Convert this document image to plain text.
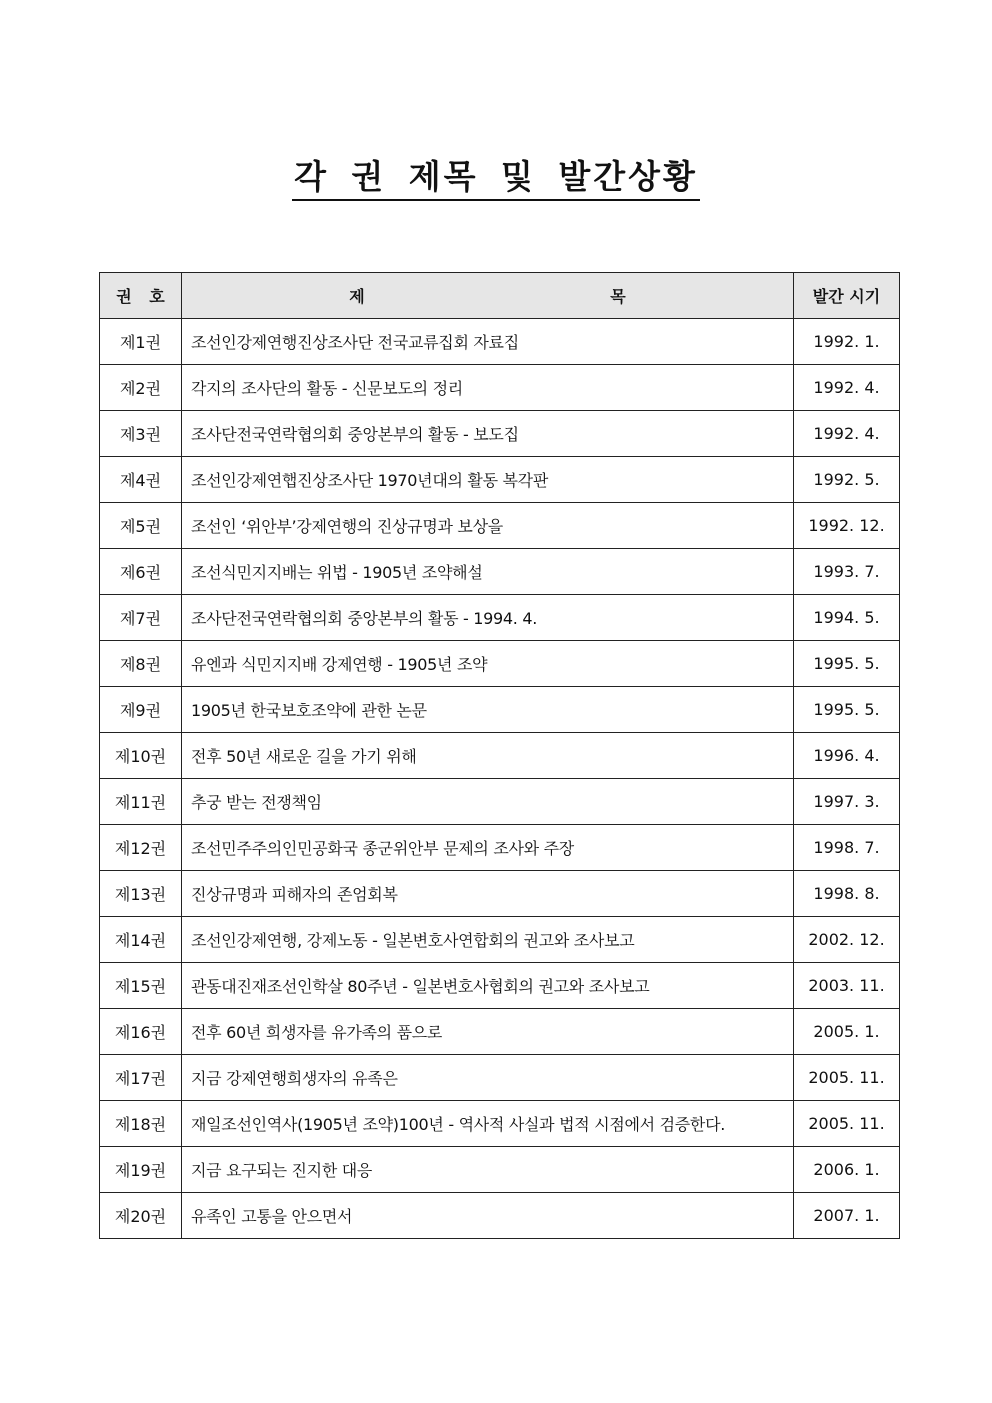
각 권 제목 및 발간상황
권 호	제 목	발간 시기
제1권	조선인강제연행진상조사단 전국교류집회 자료집	1992. 1.
제2권	각지의 조사단의 활동 - 신문보도의 정리	1992. 4.
제3권	조사단전국연락협의회 중앙본부의 활동 - 보도집	1992. 4.
제4권	조선인강제연햅진상조사단 1970년대의 활동 복각판	1992. 5.
제5권	조선인 ‘위안부’강제연행의 진상규명과 보상을	1992. 12.
제6권	조선식민지지배는 위법 - 1905년 조약해설	1993. 7.
제7권	조사단전국연락협의회 중앙본부의 활동 - 1994. 4.	1994. 5.
제8권	유엔과 식민지지배 강제연행 - 1905년 조약	1995. 5.
제9권	1905년 한국보호조약에 관한 논문	1995. 5.
제10권	전후 50년 새로운 길을 가기 위해	1996. 4.
제11권	추궁 받는 전쟁책임	1997. 3.
제12권	조선민주주의인민공화국 종군위안부 문제의 조사와 주장	1998. 7.
제13권	진상규명과 피해자의 존엄회복	1998. 8.
제14권	조선인강제연행, 강제노동 - 일본변호사연합회의 권고와 조사보고	2002. 12.
제15권	관동대진재조선인학살 80주년 - 일본변호사협회의 권고와 조사보고	2003. 11.
제16권	전후 60년 희생자를 유가족의 품으로	2005. 1.
제17권	지금 강제연행희생자의 유족은	2005. 11.
제18권	재일조선인역사(1905년 조약)100년 - 역사적 사실과 법적 시점에서 검증한다.	2005. 11.
제19권	지금 요구되는 진지한 대응	2006. 1.
제20권	유족인 고통을 안으면서	2007. 1.
